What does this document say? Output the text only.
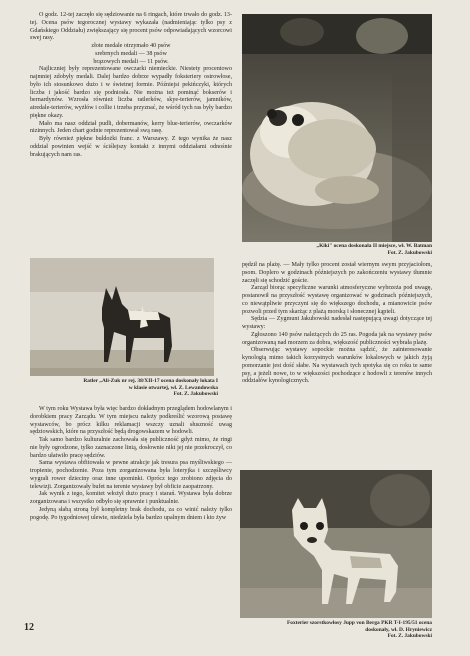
O godz. 12-tej zaczęło się sędziowanie na 6 ringach, które trwało do godz. 13-tej. Ocena psów tegorocznej wystawy wykazała (nadmieniając tylko psy z Gdańskiego Oddziału) zwiększający się procent psów odpowiadających wzorcowi swej rasy.

złote medale otrzymało 40 psów

srebrnych medali — 38 psów

brązowych medali — 11 psów.

Najliczniej były reprezentowane owczarki niemieckie. Niestety procentowo najmniej zdobyły medali. Dalej bardzo dobrze wypadły foksteriery ostrowłose, było ich stosunkowo dużo i w świetnej formie. Późniejsi pekińczyki, których liczba i jakość bardzo się podniosła. Nie można też pominąć bokserów i bernardynów. Wzrosła również liczba ratlerków, skye-terierów, jamników, airedale-terierów, wyżłów i collie i trzeba przyznać, że wśród tych ras były bardzo piękne okazy.

Mało ma nasz oddział pudli, dobermanów, kerry blue-terierów, owczarków nizinnych. Jeden chart godnie reprezentował swą rasę.

Były również piękne buldożki franc. z Warszawy. Z tego wynika że nasz oddział powinien wejść w ściślejszy kontakt z innymi oddziałami odnośnie brakujących nam ras.

„Kiki" ocena doskonała II miejsce, wł. W. Batman
Fot. Z. Jakubowski
Ratler „Ali-Zuk nr rej. 38/XII-17 ocena doskonały lokata I
w klasie otwartej, wł. Z. Lewandowska
Fot. Z. Jakubowski

W tym roku Wystawa była więc bardzo dokładnym przeglądem hodowlanym i dorobkiem pracy Zarządu. W tym miejscu należy podkreślić wzorową postawę wystawców, bo prócz kilku reklamacji wszczy uznali słuszność uwag sędziowskich, które na przyszłość będą drogowskazem w hodowli.

Tak samo bardzo kulturalnie zachowała się publiczność gdyż mimo, że ringi nie były ogrodzone, tylko zaznaczone linią, dosłownie nikt jej nie przekroczył, co bardzo ułatwiło pracę sędziów.

Sama wystawa obfitowała w pewne atrakcje jak tresura psa myśliwskiego — tropienie, pochodzenie. Poza tym zorganizowana była loteryjka i szczęśliwcy wygrali rower dzieciny oraz inne upominki. Oprócz tego zrobiono zdjęcia do telewizji. Zorganizowały bufet na terenie wystawy był obficie zaopatrzony.

Jak wynik z tego, komitet włożył dużo pracy i starań. Wystawa była dobrze zorganizowana i wszystko odbyło się sprawnie i punktualnie.

Jedyną słabą stroną był kompletny brak dochodu, za co winić należy tylko pogodę. Po tygodniowej ulewie, niedziela była bardzo upalnym dniem i kto żyw

pędził na plażę. — Mały tylko procent został wiernym swym przyjaciołom, psom. Doplero w godzinach późniejszych po zakończeniu wystawy tłumnie zaczęli się schodzić goście.

Zarząd biorąc specyficzne warunki atmosferyczne wybrzeża pod uwagę, postanowił na przyszłość wystawę organizować w godzinach późniejszych, co niewątpliwie przyczyni się do większego dochodu, a mianowicie psów pozwoli przed tym skarżąc z plażą morską i słonecznej kąpieli.

Sędzia — Zygmunt Jakubowski nadesłał następującą uwagi dotyczące tej wystawy:

Zgłoszono 140 psów należących do 25 ras. Pogoda jak na wystawy psów organizowaną nad morzem za dobra, większość publiczności wybrała plażę.

Obserwując wystawy sopockie można sądzić, że zainteresowanie kynologią mimo takich korzystnych warunków lokalowych w jakich żyją pomorzanie jest dość słabe. Na wystawach tych spotyka się co roku te same psy, a jeżeli nowe, to w większości pochodzące z hodowli z terenów innych oddziałów kynologicznych.

Foxterier szorstkowłosy Jupp von Berga PKR T-I-195/51 ocena
doskonały, wł. D. Hryniewicz
Fot. Z. Jakubowski
12
